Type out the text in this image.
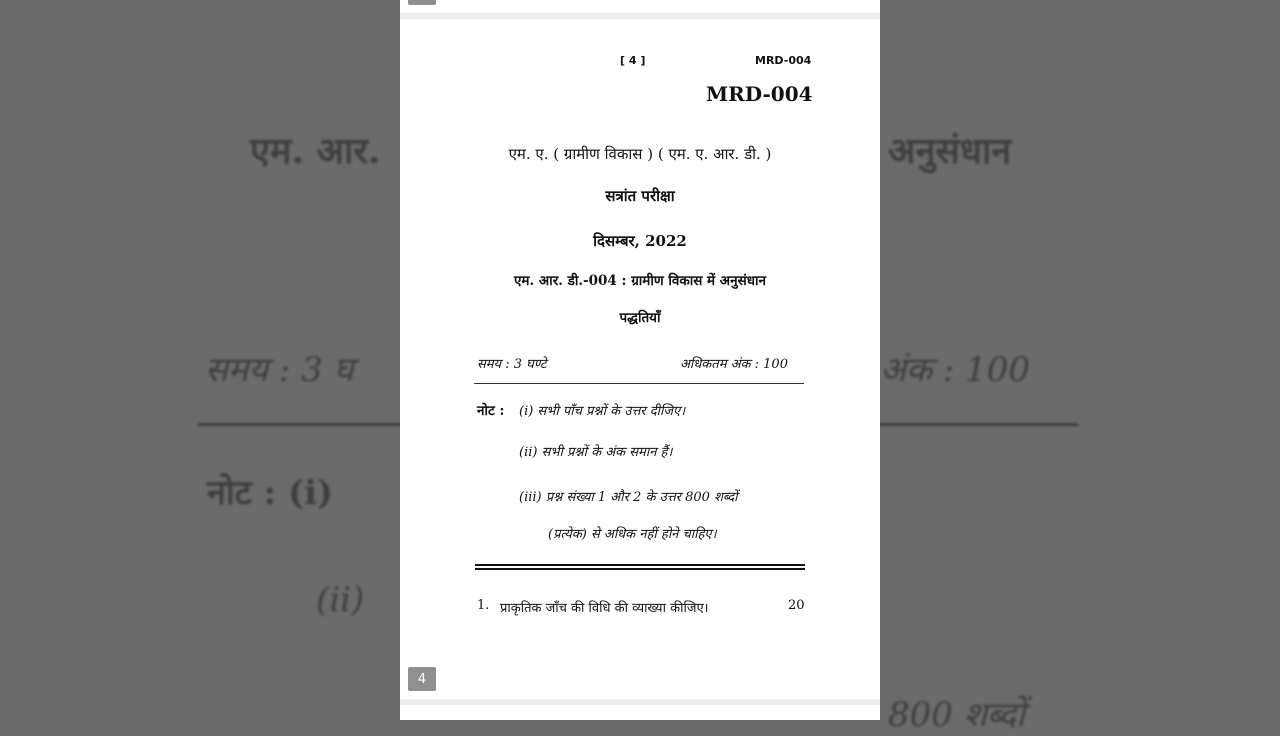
एम. आर.	अनुसंधान
समय : 3 घ	अंक : 100
नोट : (i)
(ii)
800 शब्दों
[ 4 ]	MRD-004
MRD-004
एम. ए. ( ग्रामीण विकास ) ( एम. ए. आर. डी. )
सत्रांत परीक्षा
दिसम्बर, 2022
एम. आर. डी.-004 : ग्रामीण विकास में अनुसंधान
पद्धतियाँ
समय : 3 घण्टे	अधिकतम अंक : 100
नोट : (i) सभी पाँच प्रश्नों के उत्तर दीजिए।
(ii) सभी प्रश्नों के अंक समान हैं।
(iii) प्रश्न संख्या 1 और 2 के उत्तर 800 शब्दों
(प्रत्येक) से अधिक नहीं होने चाहिए।
1. प्राकृतिक जाँच की विधि की व्याख्या कीजिए।	20
4
